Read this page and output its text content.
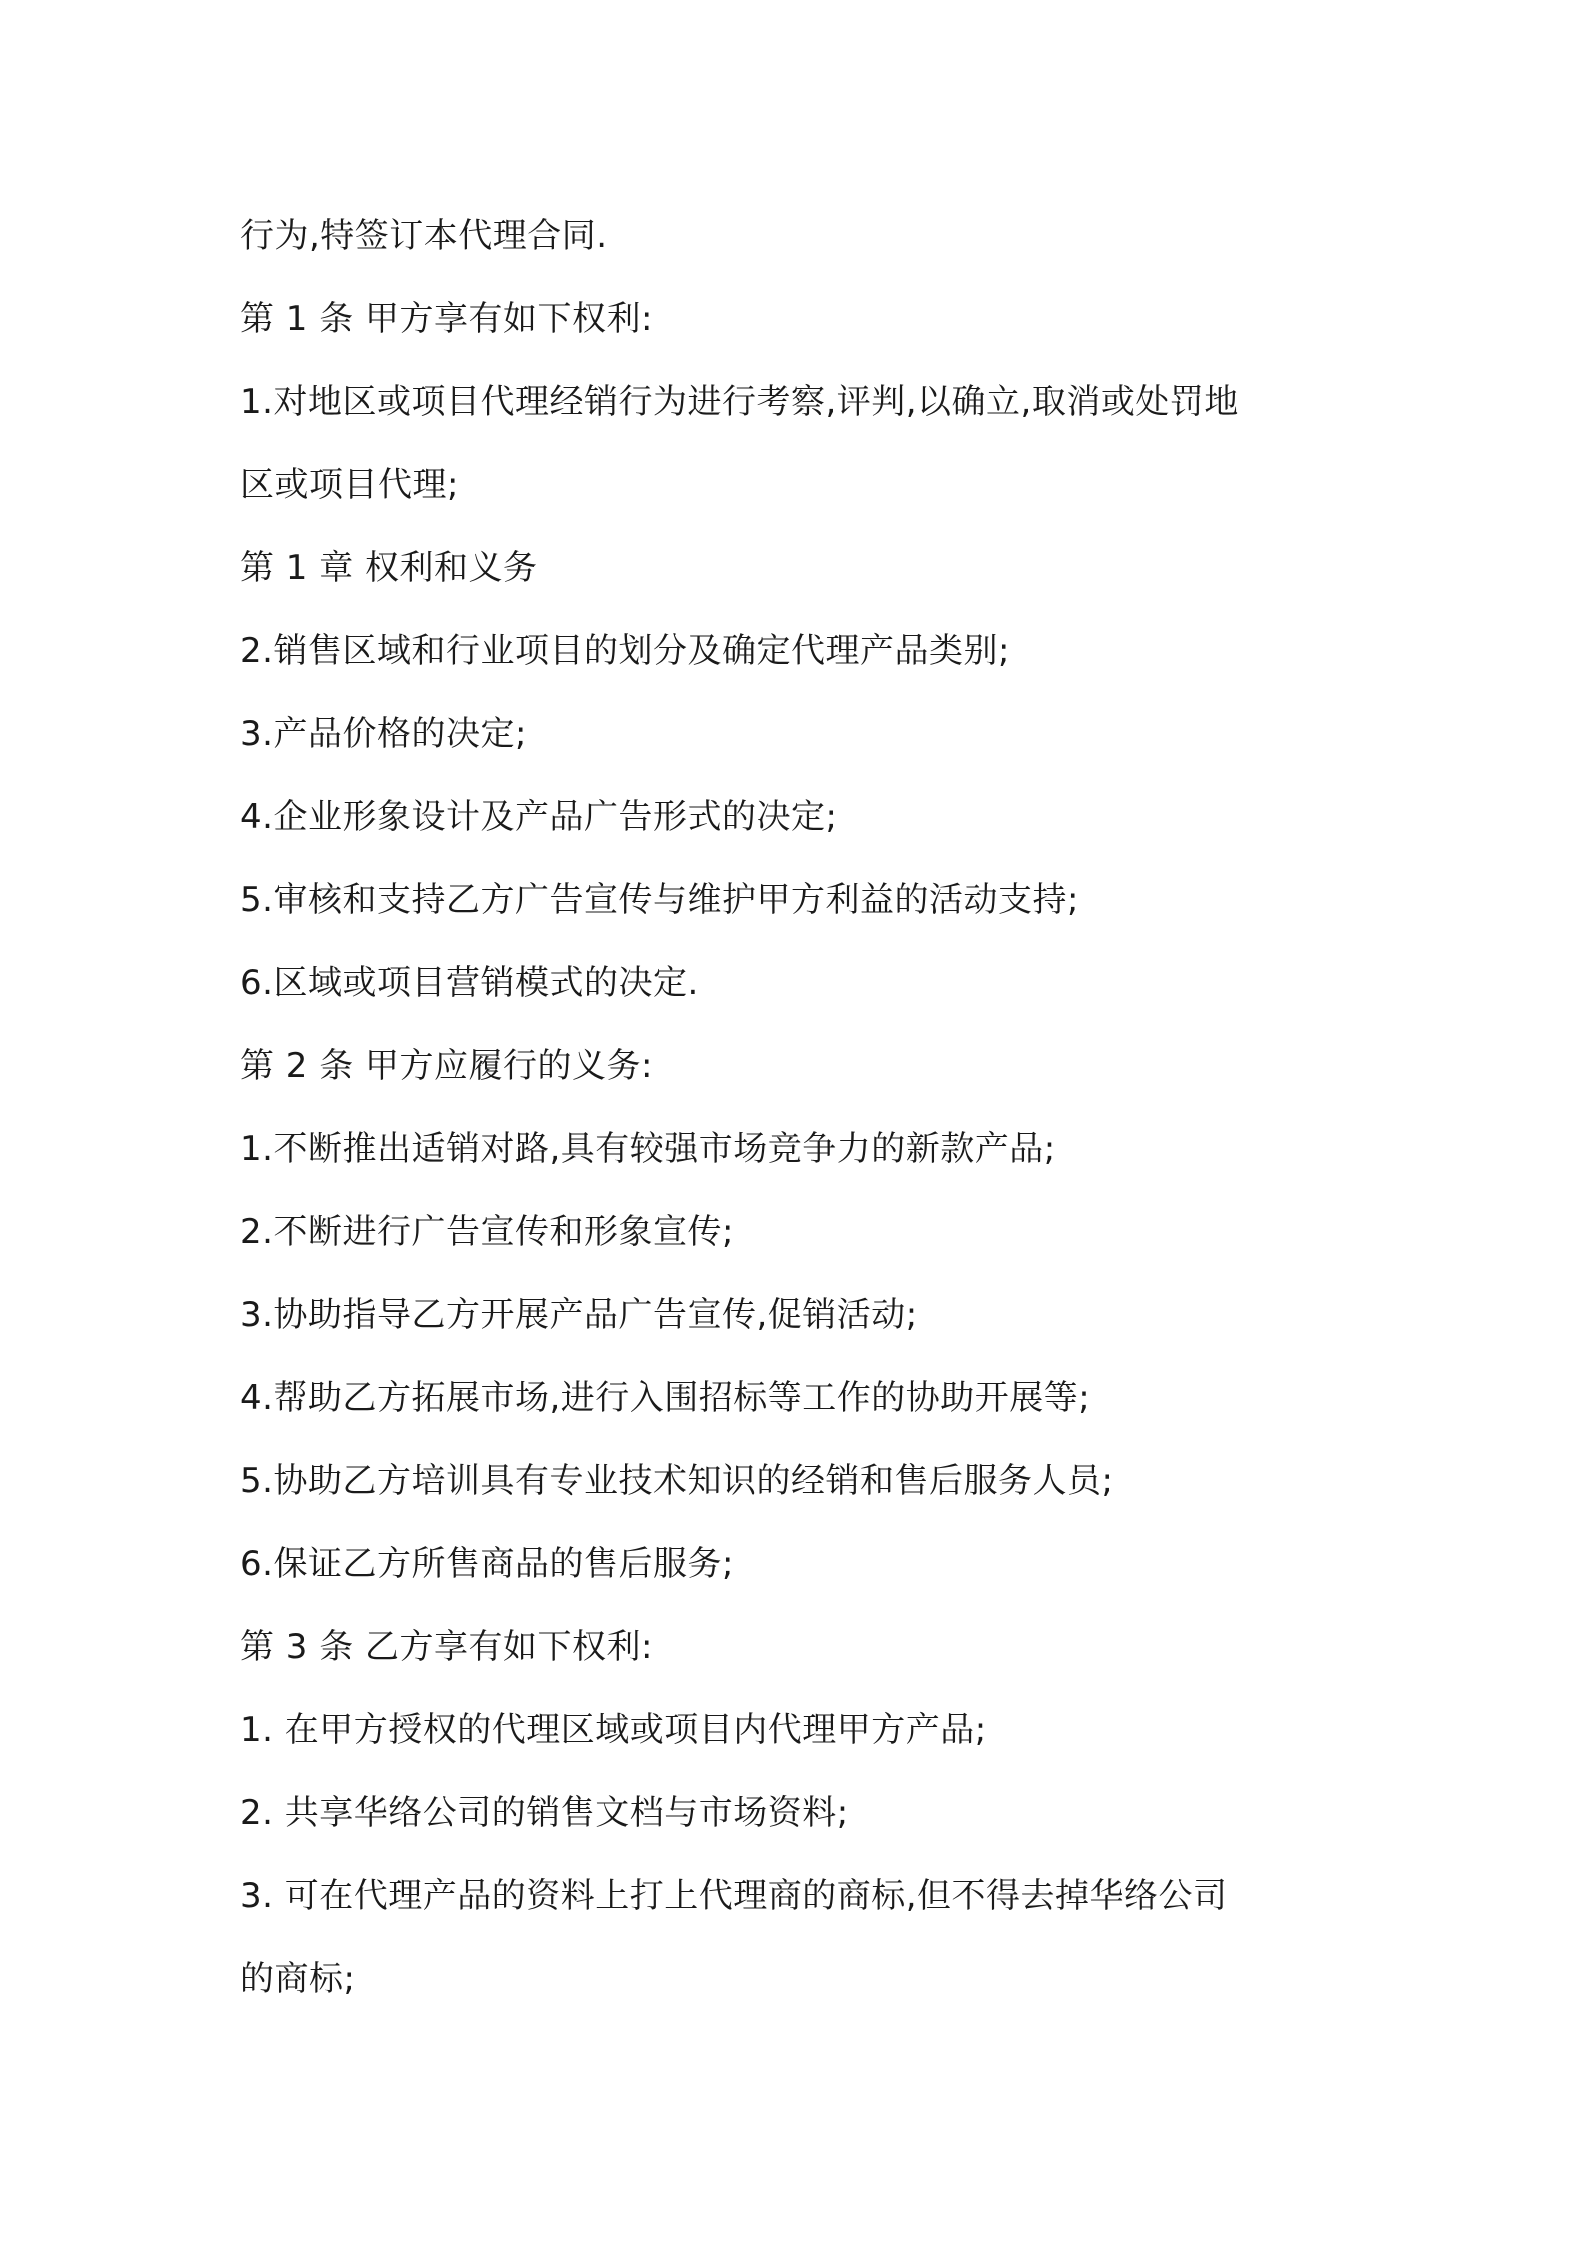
行为,特签订本代理合同.
第 1 条 甲方享有如下权利:
1.对地区或项目代理经销行为进行考察,评判,以确立,取消或处罚地
区或项目代理;
第 1 章 权利和义务
2.销售区域和行业项目的划分及确定代理产品类别;
3.产品价格的决定;
4.企业形象设计及产品广告形式的决定;
5.审核和支持乙方广告宣传与维护甲方利益的活动支持;
6.区域或项目营销模式的决定.
第 2 条 甲方应履行的义务:
1.不断推出适销对路,具有较强市场竞争力的新款产品;
2.不断进行广告宣传和形象宣传;
3.协助指导乙方开展产品广告宣传,促销活动;
4.帮助乙方拓展市场,进行入围招标等工作的协助开展等;
5.协助乙方培训具有专业技术知识的经销和售后服务人员;
6.保证乙方所售商品的售后服务;
第 3 条 乙方享有如下权利:
1. 在甲方授权的代理区域或项目内代理甲方产品;
2. 共享华络公司的销售文档与市场资料;
3. 可在代理产品的资料上打上代理商的商标,但不得去掉华络公司
的商标;
